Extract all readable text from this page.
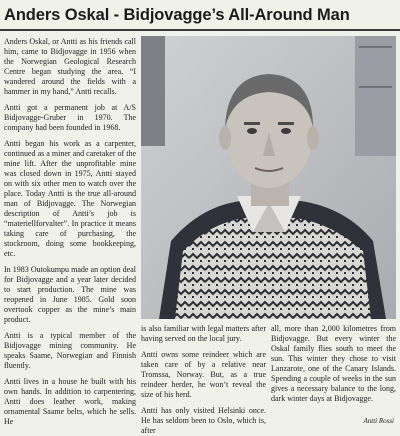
Anders Oskal - Bidjovagge’s All-Around Man

Anders Oskal, or Antti as his friends call him, came to Bidjovagge in 1956 when the Norwegian Geological Research Centre began studying the area. “I wandered around the fields with a hammer in my hand,” Antti recalls.

Antti got a permanent job at A/S Bidjovagge-Gruber in 1970. The company had been founded in 1968.

Antti began his work as a carpenter, continued as a miner and caretaker of the mine lift. After the unprofitable mine was closed down in 1975, Antti stayed on with six other men to watch over the place. Today Antti is the true all-around man of Bidjovagge. The Norwegian description of Antti’s job is “materiellforvalter”. In practice it means taking care of purchasing, the stockroom, doing some bookkeeping, etc.

In 1983 Outokumpu made an option deal for Bidjovagge and a year later decided to start production. The mine was reopened in June 1985. Gold soon overtook copper as the mine’s main product.

Antti is a typical member of the Bidjovagge mining community. He speaks Saame, Norwegian and Finnish fluently.

Antti lives in a house he built with his own hands. In addition to carpentering, Antti does leather work, making ornamental Saame belts, which he sells. He

is also familiar with legal matters after having served on the local jury.

Antti owns some reindeer which are taken care of by a relative near Tromssa, Norway. But, as a true reindeer herder, he won’t reveal the size of his herd.

Antti has only visited Helsinki once. He has seldom been to Oslo, which is, after

all, more than 2,000 kilometres from Bidjovagge. But every winter the Oskal family flies south to meet the sun. This winter they chose to visit Lanzarote, one of the Canary Islands. Spending a couple of weeks in the sun gives a necessary balance to the long, dark winter days at Bidjovagge.

Antti Rossi
